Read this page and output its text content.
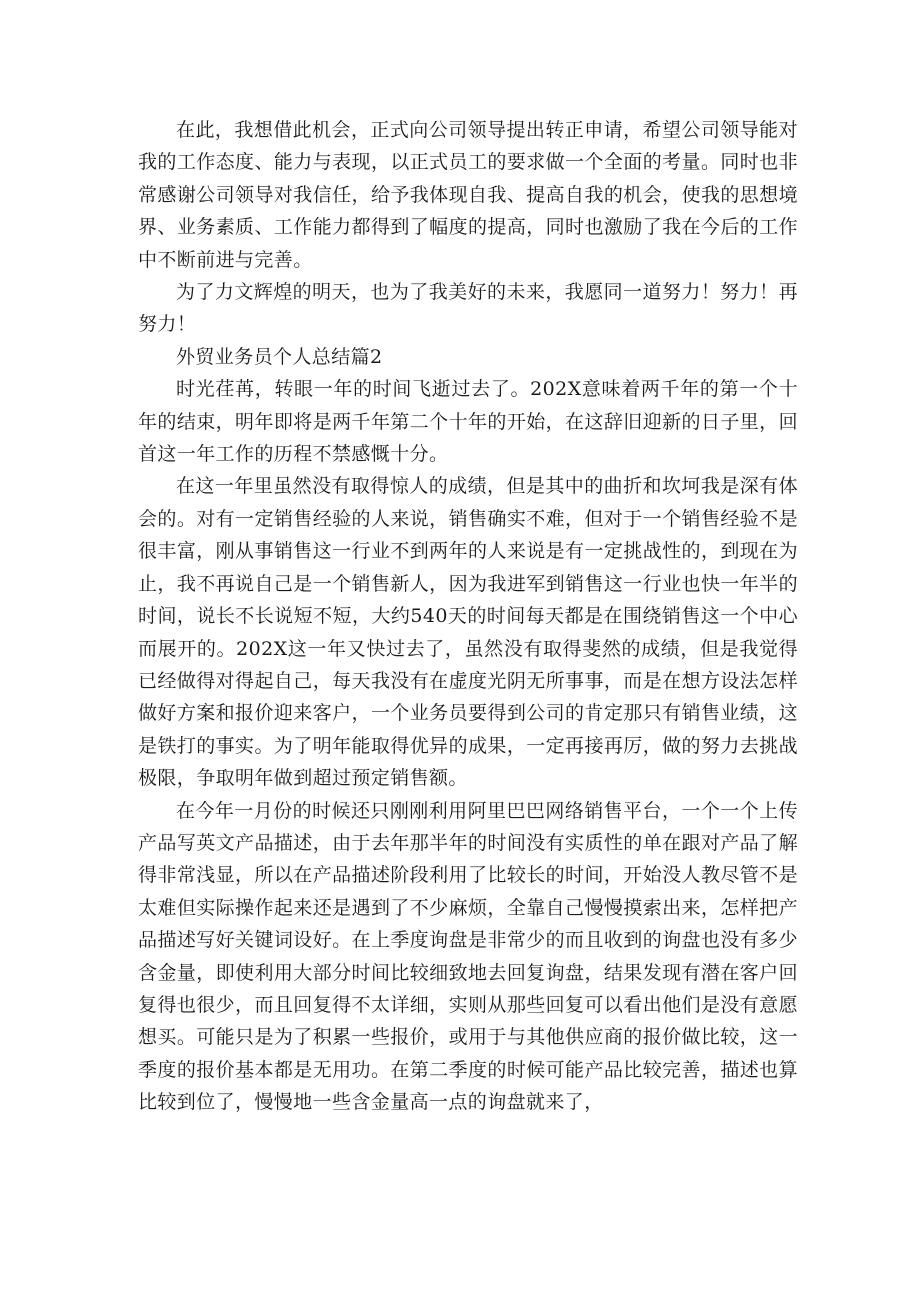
在此，我想借此机会，正式向公司领导提出转正申请，希望公司领导能对我的工作态度、能力与表现，以正式员工的要求做一个全面的考量。同时也非常感谢公司领导对我信任，给予我体现自我、提高自我的机会，使我的思想境界、业务素质、工作能力都得到了幅度的提高，同时也激励了我在今后的工作中不断前进与完善。

为了力文辉煌的明天，也为了我美好的未来，我愿同一道努力！努力！再努力！

外贸业务员个人总结篇2

时光荏苒，转眼一年的时间飞逝过去了。202X意味着两千年的第一个十年的结束，明年即将是两千年第二个十年的开始，在这辞旧迎新的日子里，回首这一年工作的历程不禁感慨十分。

在这一年里虽然没有取得惊人的成绩，但是其中的曲折和坎坷我是深有体会的。对有一定销售经验的人来说，销售确实不难，但对于一个销售经验不是很丰富，刚从事销售这一行业不到两年的人来说是有一定挑战性的，到现在为止，我不再说自己是一个销售新人，因为我进军到销售这一行业也快一年半的时间，说长不长说短不短，大约540天的时间每天都是在围绕销售这一个中心而展开的。202X这一年又快过去了，虽然没有取得斐然的成绩，但是我觉得已经做得对得起自己，每天我没有在虚度光阴无所事事，而是在想方设法怎样做好方案和报价迎来客户，一个业务员要得到公司的肯定那只有销售业绩，这是铁打的事实。为了明年能取得优异的成果，一定再接再厉，做的努力去挑战极限，争取明年做到超过预定销售额。

在今年一月份的时候还只刚刚利用阿里巴巴网络销售平台，一个一个上传产品写英文产品描述，由于去年那半年的时间没有实质性的单在跟对产品了解得非常浅显，所以在产品描述阶段利用了比较长的时间，开始没人教尽管不是太难但实际操作起来还是遇到了不少麻烦，全靠自己慢慢摸索出来，怎样把产品描述写好关键词设好。在上季度询盘是非常少的而且收到的询盘也没有多少含金量，即使利用大部分时间比较细致地去回复询盘，结果发现有潜在客户回复得也很少，而且回复得不太详细，实则从那些回复可以看出他们是没有意愿想买。可能只是为了积累一些报价，或用于与其他供应商的报价做比较，这一季度的报价基本都是无用功。在第二季度的时候可能产品比较完善，描述也算比较到位了，慢慢地一些含金量高一点的询盘就来了，
